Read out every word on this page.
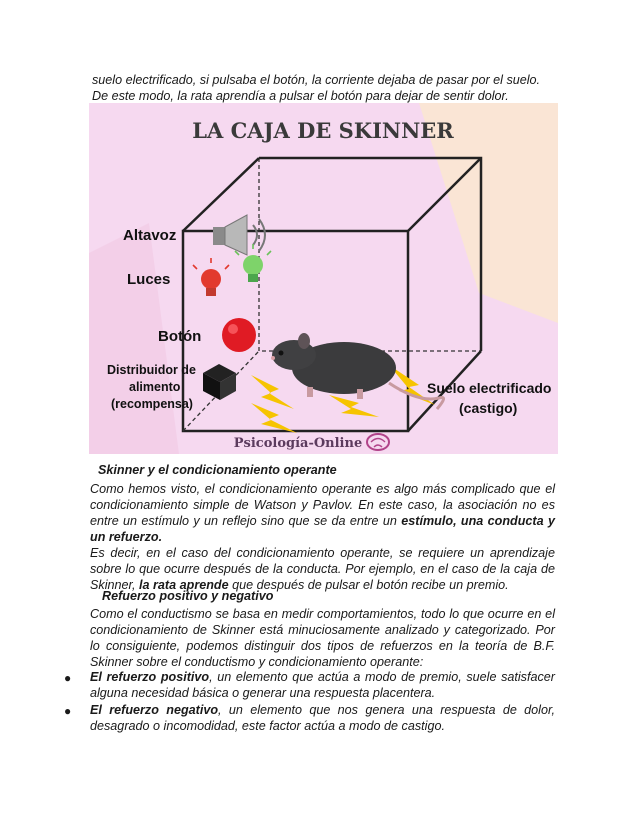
suelo electrificado, si pulsaba el botón, la corriente dejaba de pasar por el suelo.
De este modo, la rata aprendía a pulsar el botón para dejar de sentir dolor.
LA CAJA DE SKINNER
Altavoz
Luces
Botón
Distribuidor de
alimento
(recompensa)
Suelo electrificado
(castigo)
Psicología-Online
Skinner y el condicionamiento operante
Como hemos visto, el condicionamiento operante es algo más complicado que el condicionamiento simple de Watson y Pavlov. En este caso, la asociación no es entre un estímulo y un reflejo sino que se da entre un estímulo, una conducta y un refuerzo.
Es decir, en el caso del condicionamiento operante, se requiere un aprendizaje sobre lo que ocurre después de la conducta. Por ejemplo, en el caso de la caja de Skinner, la rata aprende que después de pulsar el botón recibe un premio.
Refuerzo positivo y negativo
Como el conductismo se basa en medir comportamientos, todo lo que ocurre en el condicionamiento de Skinner está minuciosamente analizado y categorizado. Por lo consiguiente, podemos distinguir dos tipos de refuerzos en la teoría de B.F. Skinner sobre el conductismo y condicionamiento operante:
● El refuerzo positivo, un elemento que actúa a modo de premio, suele satisfacer alguna necesidad básica o generar una respuesta placentera.
● El refuerzo negativo, un elemento que nos genera una respuesta de dolor, desagrado o incomodidad, este factor actúa a modo de castigo.
